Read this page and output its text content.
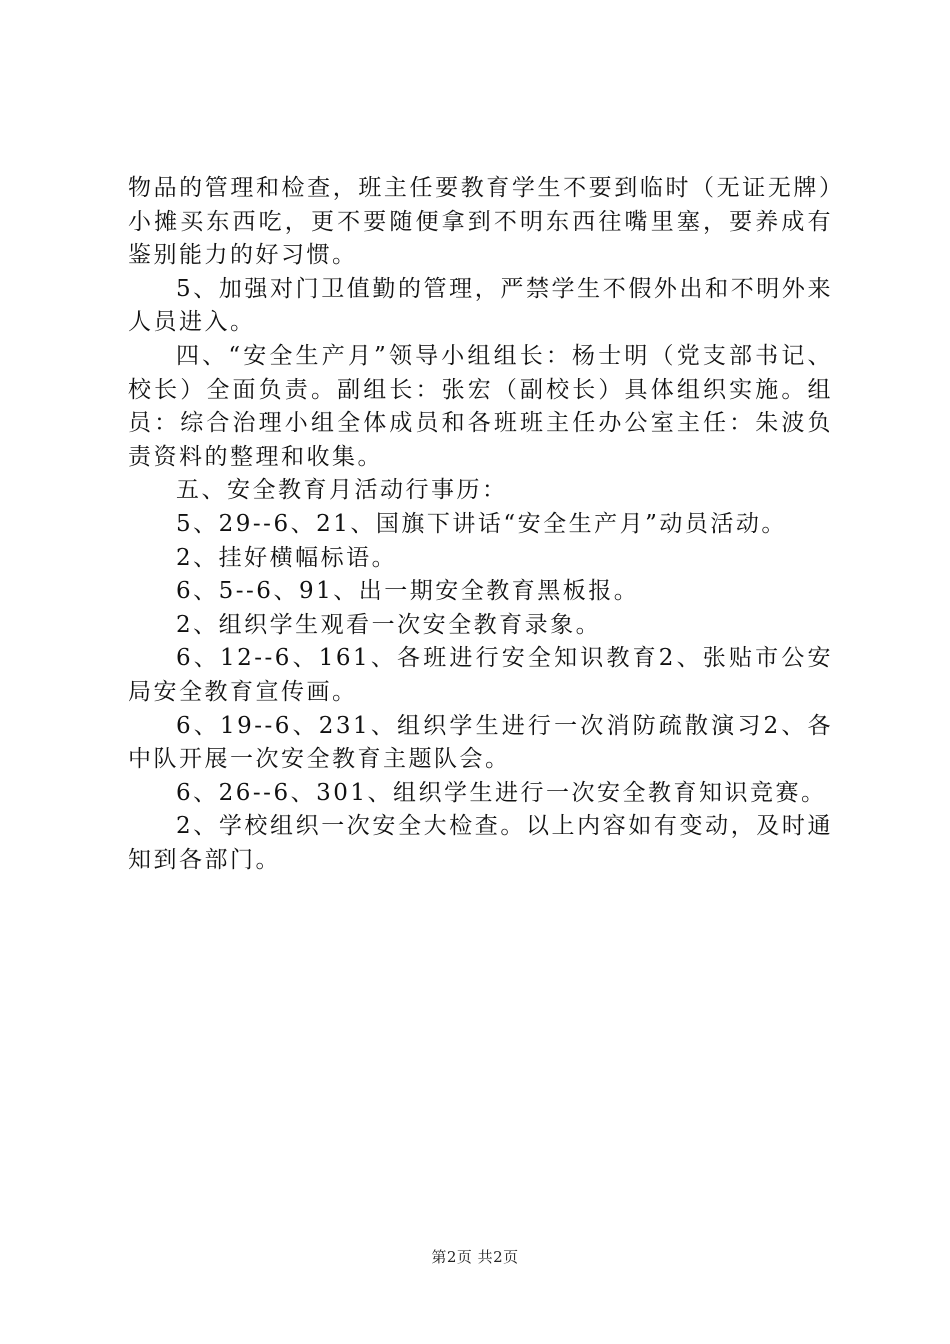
物品的管理和检查，班主任要教育学生不要到临时（无证无牌）小摊买东西吃，更不要随便拿到不明东西往嘴里塞，要养成有鉴别能力的好习惯。

5、加强对门卫值勤的管理，严禁学生不假外出和不明外来人员进入。

四、“安全生产月”领导小组组长：杨士明（党支部书记、校长）全面负责。副组长：张宏（副校长）具体组织实施。组员：综合治理小组全体成员和各班班主任办公室主任：朱波负责资料的整理和收集。

五、安全教育月活动行事历：

5、29--6、21、国旗下讲话“安全生产月”动员活动。

2、挂好横幅标语。

6、5--6、91、出一期安全教育黑板报。

2、组织学生观看一次安全教育录象。

6、12--6、161、各班进行安全知识教育2、张贴市公安局安全教育宣传画。

6、19--6、231、组织学生进行一次消防疏散演习2、各中队开展一次安全教育主题队会。

6、26--6、301、组织学生进行一次安全教育知识竞赛。

2、学校组织一次安全大检查。以上内容如有变动，及时通知到各部门。

第2页 共2页
